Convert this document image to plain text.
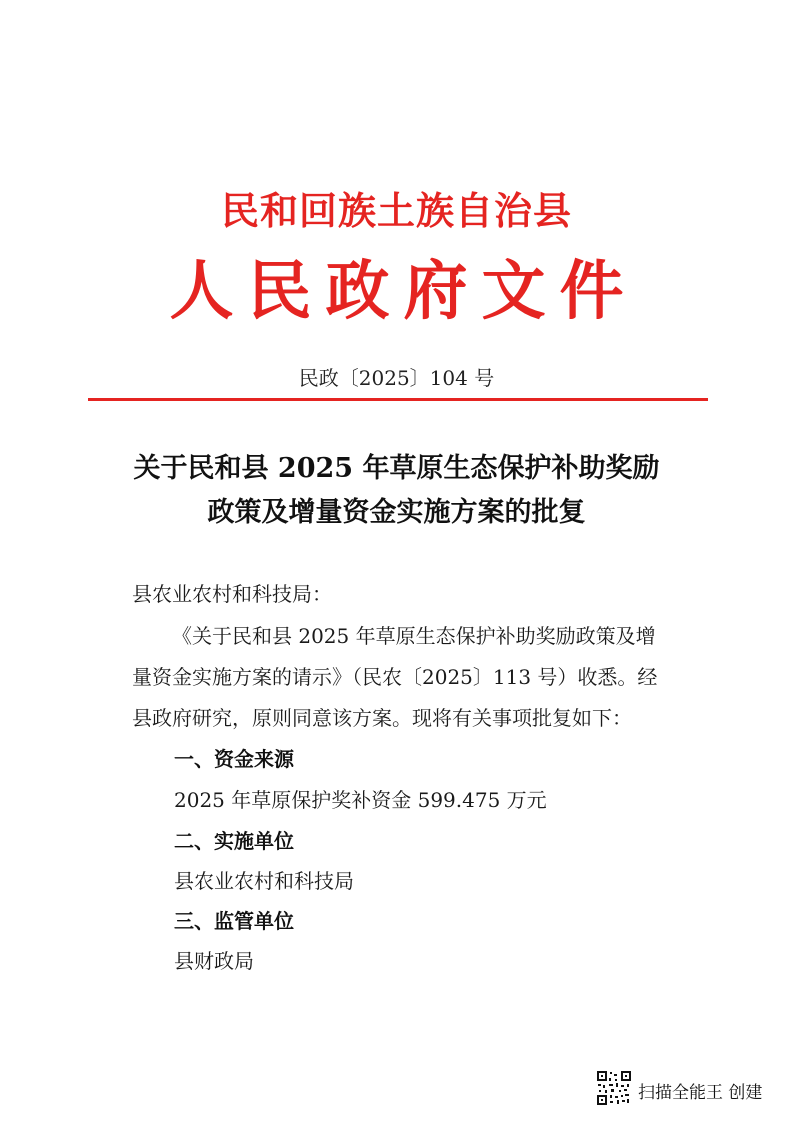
民和回族土族自治县
人民政府文件
民政〔2025〕104 号
关于民和县 2025 年草原生态保护补助奖励
政策及增量资金实施方案的批复
县农业农村和科技局：
《关于民和县 2025 年草原生态保护补助奖励政策及增
量资金实施方案的请示》（民农〔2025〕113 号）收悉。经
县政府研究，原则同意该方案。现将有关事项批复如下：
一、资金来源
2025 年草原保护奖补资金 599.475 万元
二、实施单位
县农业农村和科技局
三、监管单位
县财政局
扫描全能王 创建
